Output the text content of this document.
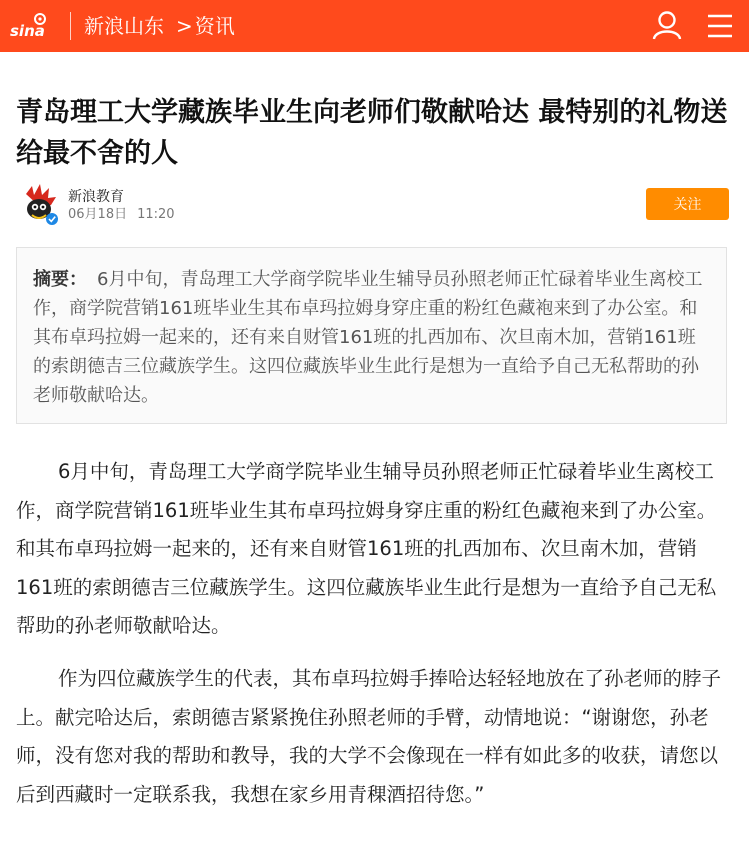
sina 新浪山东 > 资讯
青岛理工大学藏族毕业生向老师们敬献哈达 最特别的礼物送给最不舍的人
新浪教育
06月18日 11:20
关注
摘要： 6月中旬，青岛理工大学商学院毕业生辅导员孙照老师正忙碌着毕业生离校工作，商学院营销161班毕业生其布卓玛拉姆身穿庄重的粉红色藏袍来到了办公室。和其布卓玛拉姆一起来的，还有来自财管161班的扎西加布、次旦南木加，营销161班的索朗德吉三位藏族学生。这四位藏族毕业生此行是想为一直给予自己无私帮助的孙老师敬献哈达。

6月中旬，青岛理工大学商学院毕业生辅导员孙照老师正忙碌着毕业生离校工作，商学院营销161班毕业生其布卓玛拉姆身穿庄重的粉红色藏袍来到了办公室。和其布卓玛拉姆一起来的，还有来自财管161班的扎西加布、次旦南木加，营销161班的索朗德吉三位藏族学生。这四位藏族毕业生此行是想为一直给予自己无私帮助的孙老师敬献哈达。

作为四位藏族学生的代表，其布卓玛拉姆手捧哈达轻轻地放在了孙老师的脖子上。献完哈达后，索朗德吉紧紧挽住孙照老师的手臂，动情地说：“谢谢您，孙老师，没有您对我的帮助和教导，我的大学不会像现在一样有如此多的收获，请您以后到西藏时一定联系我，我想在家乡用青稞酒招待您。”
